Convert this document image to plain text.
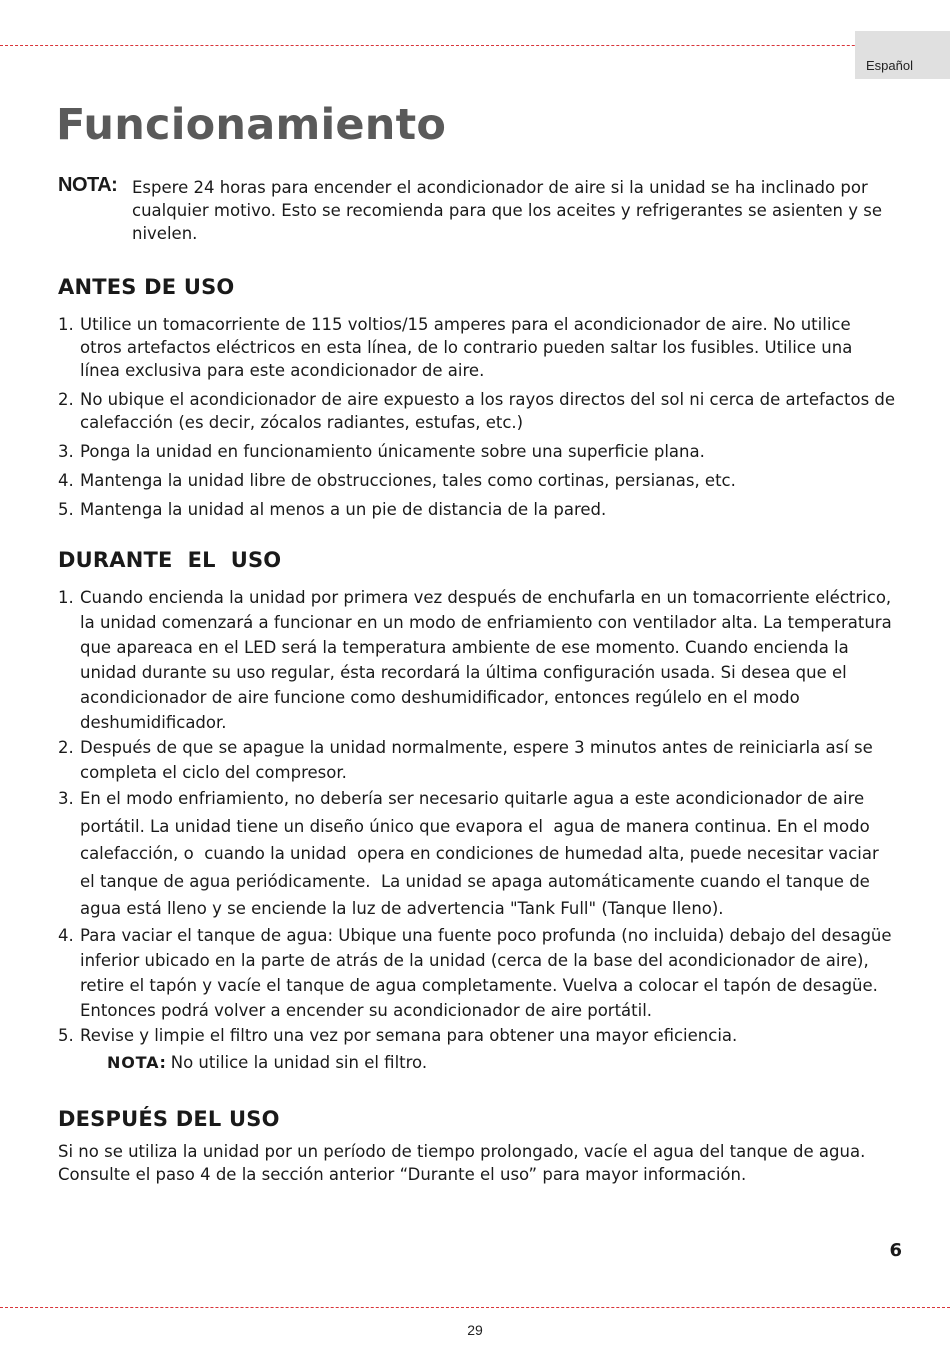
Español
Funcionamiento
NOTA: Espere 24 horas para encender el acondicionador de aire si la unidad se ha inclinado por cualquier motivo. Esto se recomienda para que los aceites y refrigerantes se asienten y se nivelen.
ANTES DE USO
1. Utilice un tomacorriente de 115 voltios/15 amperes para el acondicionador de aire. No utilice otros artefactos eléctricos en esta línea, de lo contrario pueden saltar los fusibles. Utilice una línea exclusiva para este acondicionador de aire.
2. No ubique el acondicionador de aire expuesto a los rayos directos del sol ni cerca de artefactos de calefacción (es decir, zócalos radiantes, estufas, etc.)
3. Ponga la unidad en funcionamiento únicamente sobre una superficie plana.
4. Mantenga la unidad libre de obstrucciones, tales como cortinas, persianas, etc.
5. Mantenga la unidad al menos a un pie de distancia de la pared.
DURANTE  EL  USO
1. Cuando encienda la unidad por primera vez después de enchufarla en un tomacorriente eléctrico, la unidad comenzará a funcionar en un modo de enfriamiento con ventilador alta. La temperatura que apareaca en el LED será la temperatura ambiente de ese momento. Cuando encienda la unidad durante su uso regular, ésta recordará la última configuración usada. Si desea que el acondicionador de aire funcione como deshumidificador, entonces regúlelo en el modo deshumidificador.
2. Después de que se apague la unidad normalmente, espere 3 minutos antes de reiniciarla así se completa el ciclo del compresor.
3. En el modo enfriamiento, no debería ser necesario quitarle agua a este acondicionador de aire portátil. La unidad tiene un diseño único que evapora el  agua de manera continua. En el modo calefacción, o  cuando la unidad  opera en condiciones de humedad alta, puede necesitar vaciar el tanque de agua periódicamente.  La unidad se apaga automáticamente cuando el tanque de agua está lleno y se enciende la luz de advertencia "Tank Full" (Tanque lleno).
4. Para vaciar el tanque de agua: Ubique una fuente poco profunda (no incluida) debajo del desagüe inferior ubicado en la parte de atrás de la unidad (cerca de la base del acondicionador de aire), retire el tapón y vacíe el tanque de agua completamente. Vuelva a colocar el tapón de desagüe. Entonces podrá volver a encender su acondicionador de aire portátil.
5. Revise y limpie el filtro una vez por semana para obtener una mayor eficiencia.
NOTA: No utilice la unidad sin el filtro.
DESPUÉS DEL USO
Si no se utiliza la unidad por un período de tiempo prolongado, vacíe el agua del tanque de agua. Consulte el paso 4 de la sección anterior “Durante el uso” para mayor información.
6
29
